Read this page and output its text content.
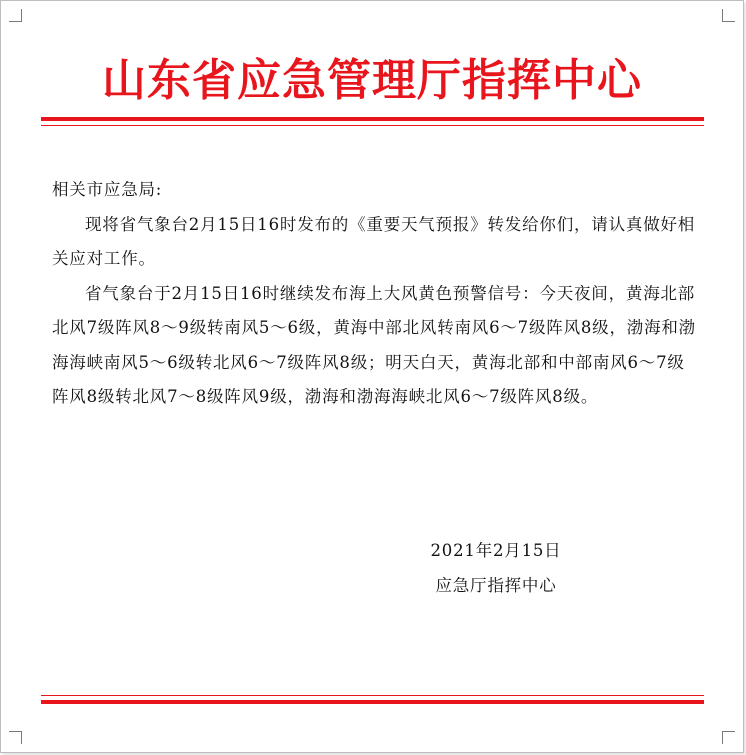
山东省应急管理厅指挥中心

相关市应急局:

现将省气象台2月15日16时发布的《重要天气预报》转发给你们，请认真做好相关应对工作。

省气象台于2月15日16时继续发布海上大风黄色预警信号：今天夜间，黄海北部北风7级阵风8～9级转南风5～6级，黄海中部北风转南风6～7级阵风8级，渤海和渤海海峡南风5～6级转北风6～7级阵风8级；明天白天，黄海北部和中部南风6～7级阵风8级转北风7～8级阵风9级，渤海和渤海海峡北风6～7级阵风8级。

2021年2月15日
应急厅指挥中心
